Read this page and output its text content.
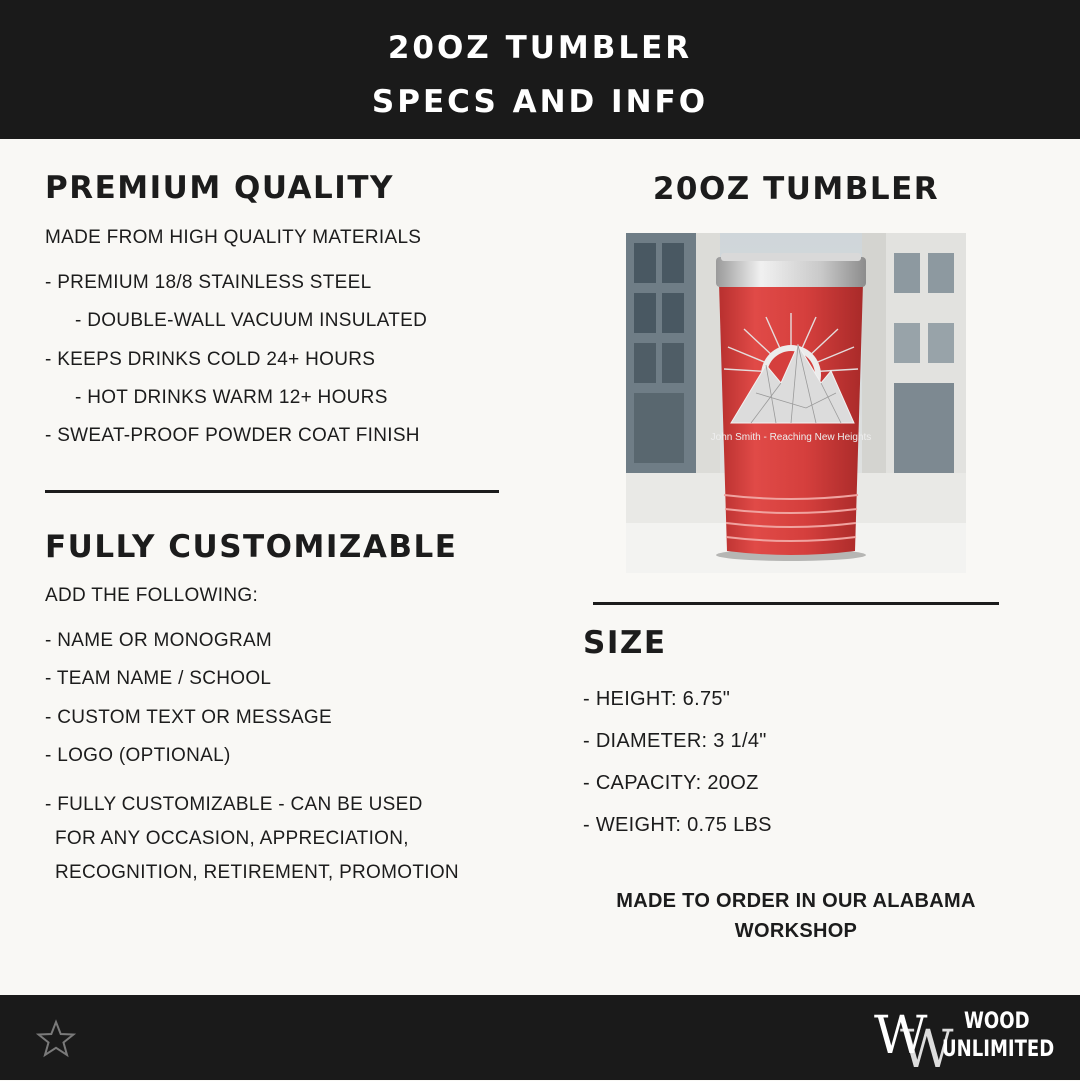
20OZ TUMBLER
SPECS AND INFO
PREMIUM QUALITY
MADE FROM HIGH QUALITY MATERIALS
- PREMIUM 18/8 STAINLESS STEEL
- DOUBLE-WALL VACUUM INSULATED
- KEEPS DRINKS COLD 24+ HOURS
- HOT DRINKS WARM 12+ HOURS
- SWEAT-PROOF POWDER COAT FINISH
FULLY CUSTOMIZABLE
ADD THE FOLLOWING:
- NAME OR MONOGRAM
- TEAM NAME / SCHOOL
- CUSTOM TEXT OR MESSAGE
- LOGO (OPTIONAL)
- FULLY CUSTOMIZABLE - CAN BE USED
FOR ANY OCCASION, APPRECIATION,
RECOGNITION, RETIREMENT, PROMOTION
20OZ TUMBLER
John Smith - Reaching New Heights
SIZE
- HEIGHT: 6.75"
- DIAMETER: 3 1/4"
- CAPACITY: 20OZ
- WEIGHT: 0.75 LBS
MADE TO ORDER IN OUR ALABAMA
WORKSHOP
W
W WOOD
UNLIMITED
